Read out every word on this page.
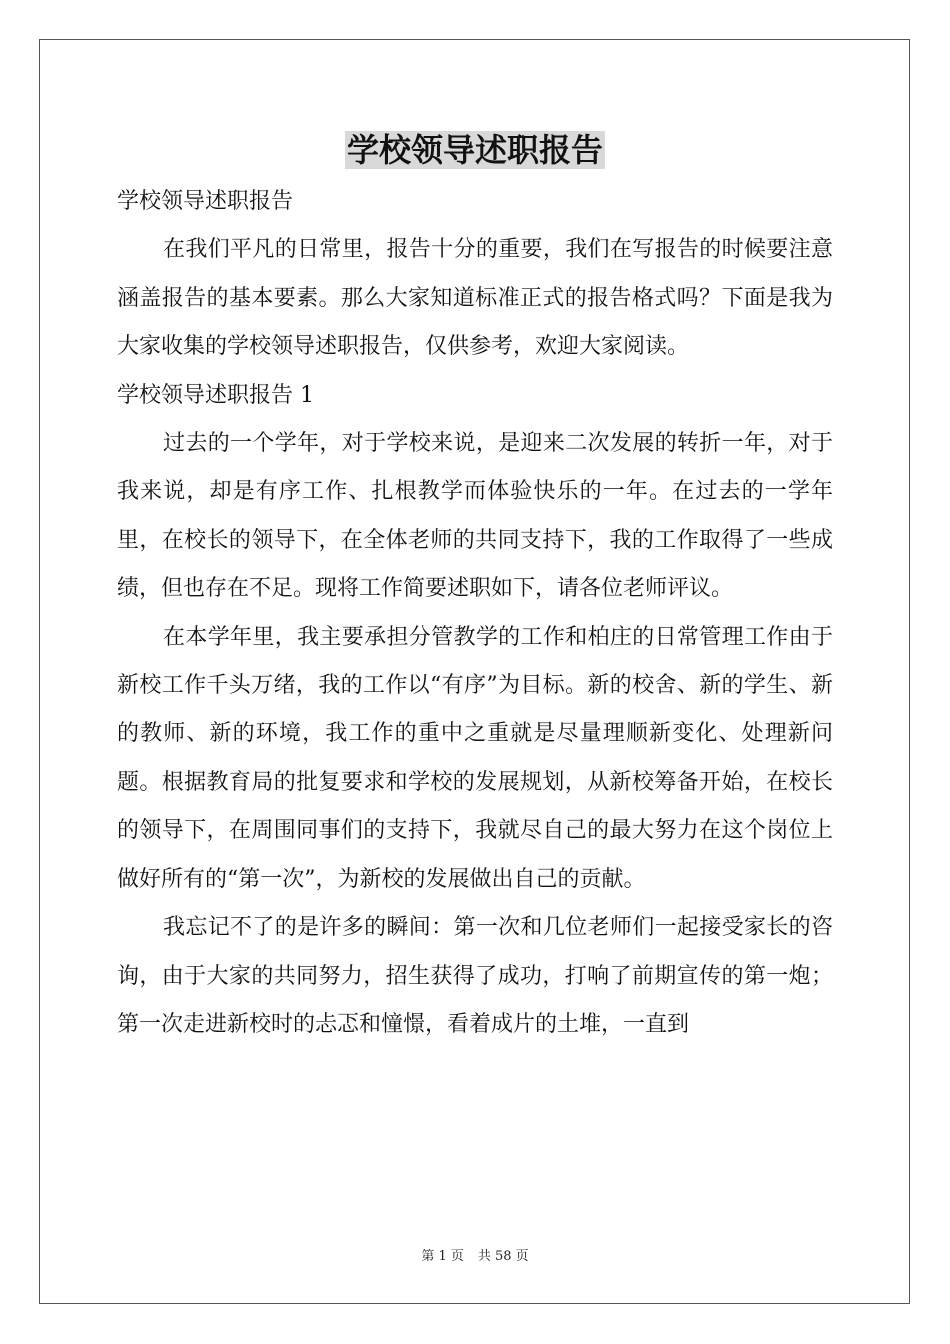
学校领导述职报告

学校领导述职报告

在我们平凡的日常里，报告十分的重要，我们在写报告的时候要注意涵盖报告的基本要素。那么大家知道标准正式的报告格式吗？下面是我为大家收集的学校领导述职报告，仅供参考，欢迎大家阅读。

学校领导述职报告 1

过去的一个学年，对于学校来说，是迎来二次发展的转折一年，对于我来说，却是有序工作、扎根教学而体验快乐的一年。在过去的一学年里，在校长的领导下，在全体老师的共同支持下，我的工作取得了一些成绩，但也存在不足。现将工作简要述职如下，请各位老师评议。

在本学年里，我主要承担分管教学的工作和柏庄的日常管理工作由于新校工作千头万绪，我的工作以“有序”为目标。新的校舍、新的学生、新的教师、新的环境，我工作的重中之重就是尽量理顺新变化、处理新问题。根据教育局的批复要求和学校的发展规划，从新校筹备开始，在校长的领导下，在周围同事们的支持下，我就尽自己的最大努力在这个岗位上做好所有的“第一次”，为新校的发展做出自己的贡献。

我忘记不了的是许多的瞬间：第一次和几位老师们一起接受家长的咨询，由于大家的共同努力，招生获得了成功，打响了前期宣传的第一炮；第一次走进新校时的忐忑和憧憬，看着成片的土堆，一直到

第 1 页 共 58 页
